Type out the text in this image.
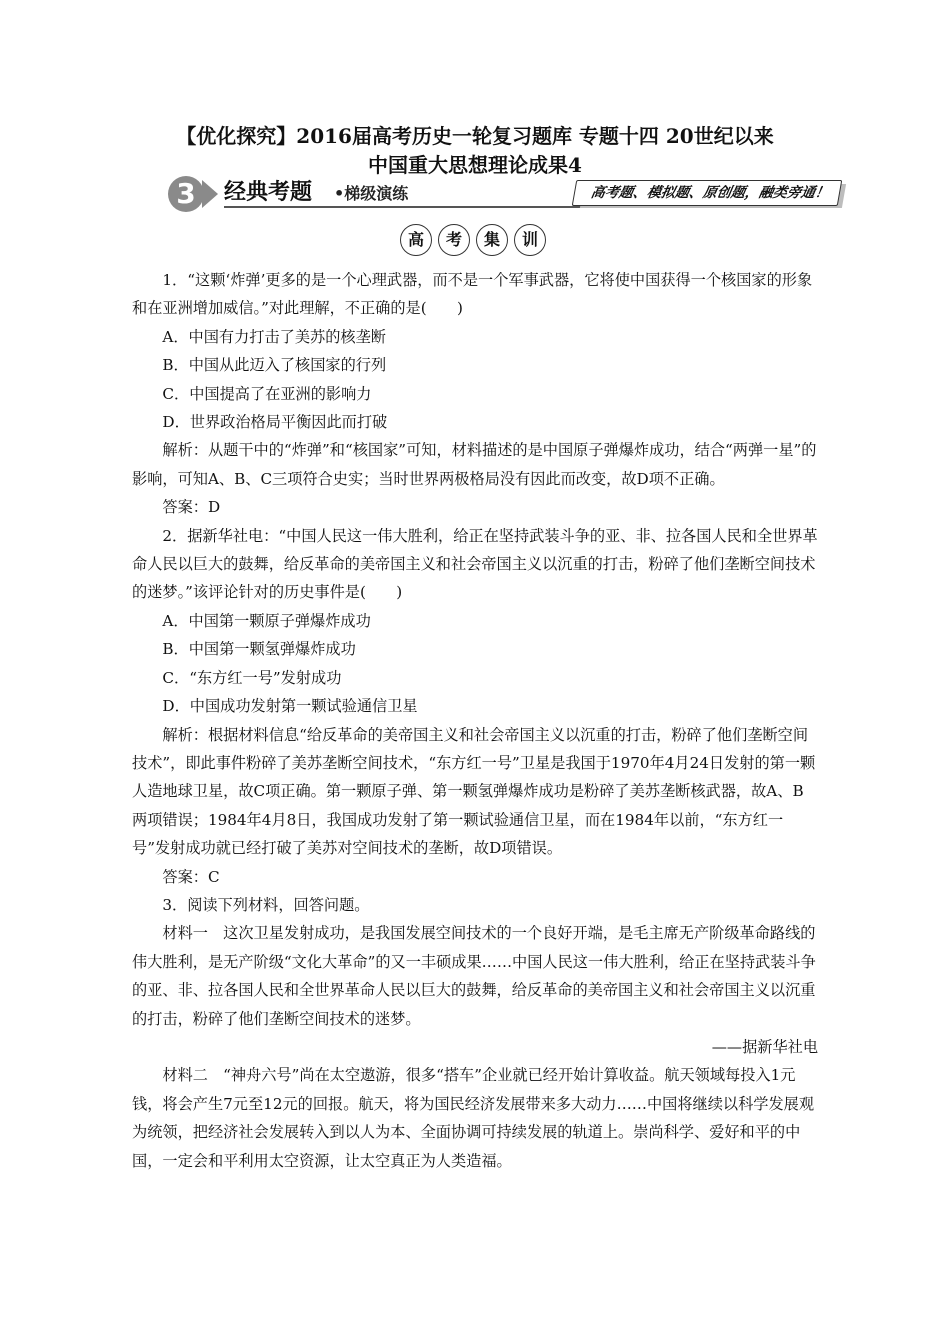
【优化探究】2016届高考历史一轮复习题库 专题十四 20世纪以来
中国重大思想理论成果4
3	经典考题 •梯级演练	高考题、模拟题、原创题，融类旁通！
高	考	集	训

1．“这颗‘炸弹’更多的是一个心理武器，而不是一个军事武器，它将使中国获得一个核国家的形象和在亚洲增加威信。”对此理解，不正确的是(　　)

A．中国有力打击了美苏的核垄断

B．中国从此迈入了核国家的行列

C．中国提高了在亚洲的影响力

D．世界政治格局平衡因此而打破

解析：从题干中的“炸弹”和“核国家”可知，材料描述的是中国原子弹爆炸成功，结合“两弹一星”的影响，可知A、B、C三项符合史实；当时世界两极格局没有因此而改变，故D项不正确。

答案：D

2．据新华社电：“中国人民这一伟大胜利，给正在坚持武装斗争的亚、非、拉各国人民和全世界革命人民以巨大的鼓舞，给反革命的美帝国主义和社会帝国主义以沉重的打击，粉碎了他们垄断空间技术的迷梦。”该评论针对的历史事件是(　　)

A．中国第一颗原子弹爆炸成功

B．中国第一颗氢弹爆炸成功

C．“东方红一号”发射成功

D．中国成功发射第一颗试验通信卫星

解析：根据材料信息“给反革命的美帝国主义和社会帝国主义以沉重的打击，粉碎了他们垄断空间技术”，即此事件粉碎了美苏垄断空间技术，“东方红一号”卫星是我国于1970年4月24日发射的第一颗人造地球卫星，故C项正确。第一颗原子弹、第一颗氢弹爆炸成功是粉碎了美苏垄断核武器，故A、B两项错误；1984年4月8日，我国成功发射了第一颗试验通信卫星，而在1984年以前，“东方红一号”发射成功就已经打破了美苏对空间技术的垄断，故D项错误。

答案：C

3．阅读下列材料，回答问题。

材料一　这次卫星发射成功，是我国发展空间技术的一个良好开端，是毛主席无产阶级革命路线的伟大胜利，是无产阶级“文化大革命”的又一丰硕成果……中国人民这一伟大胜利，给正在坚持武装斗争的亚、非、拉各国人民和全世界革命人民以巨大的鼓舞，给反革命的美帝国主义和社会帝国主义以沉重的打击，粉碎了他们垄断空间技术的迷梦。

——据新华社电

材料二　“神舟六号”尚在太空遨游，很多“搭车”企业就已经开始计算收益。航天领域每投入1元钱，将会产生7元至12元的回报。航天，将为国民经济发展带来多大动力……中国将继续以科学发展观为统领，把经济社会发展转入到以人为本、全面协调可持续发展的轨道上。崇尚科学、爱好和平的中国，一定会和平利用太空资源，让太空真正为人类造福。
